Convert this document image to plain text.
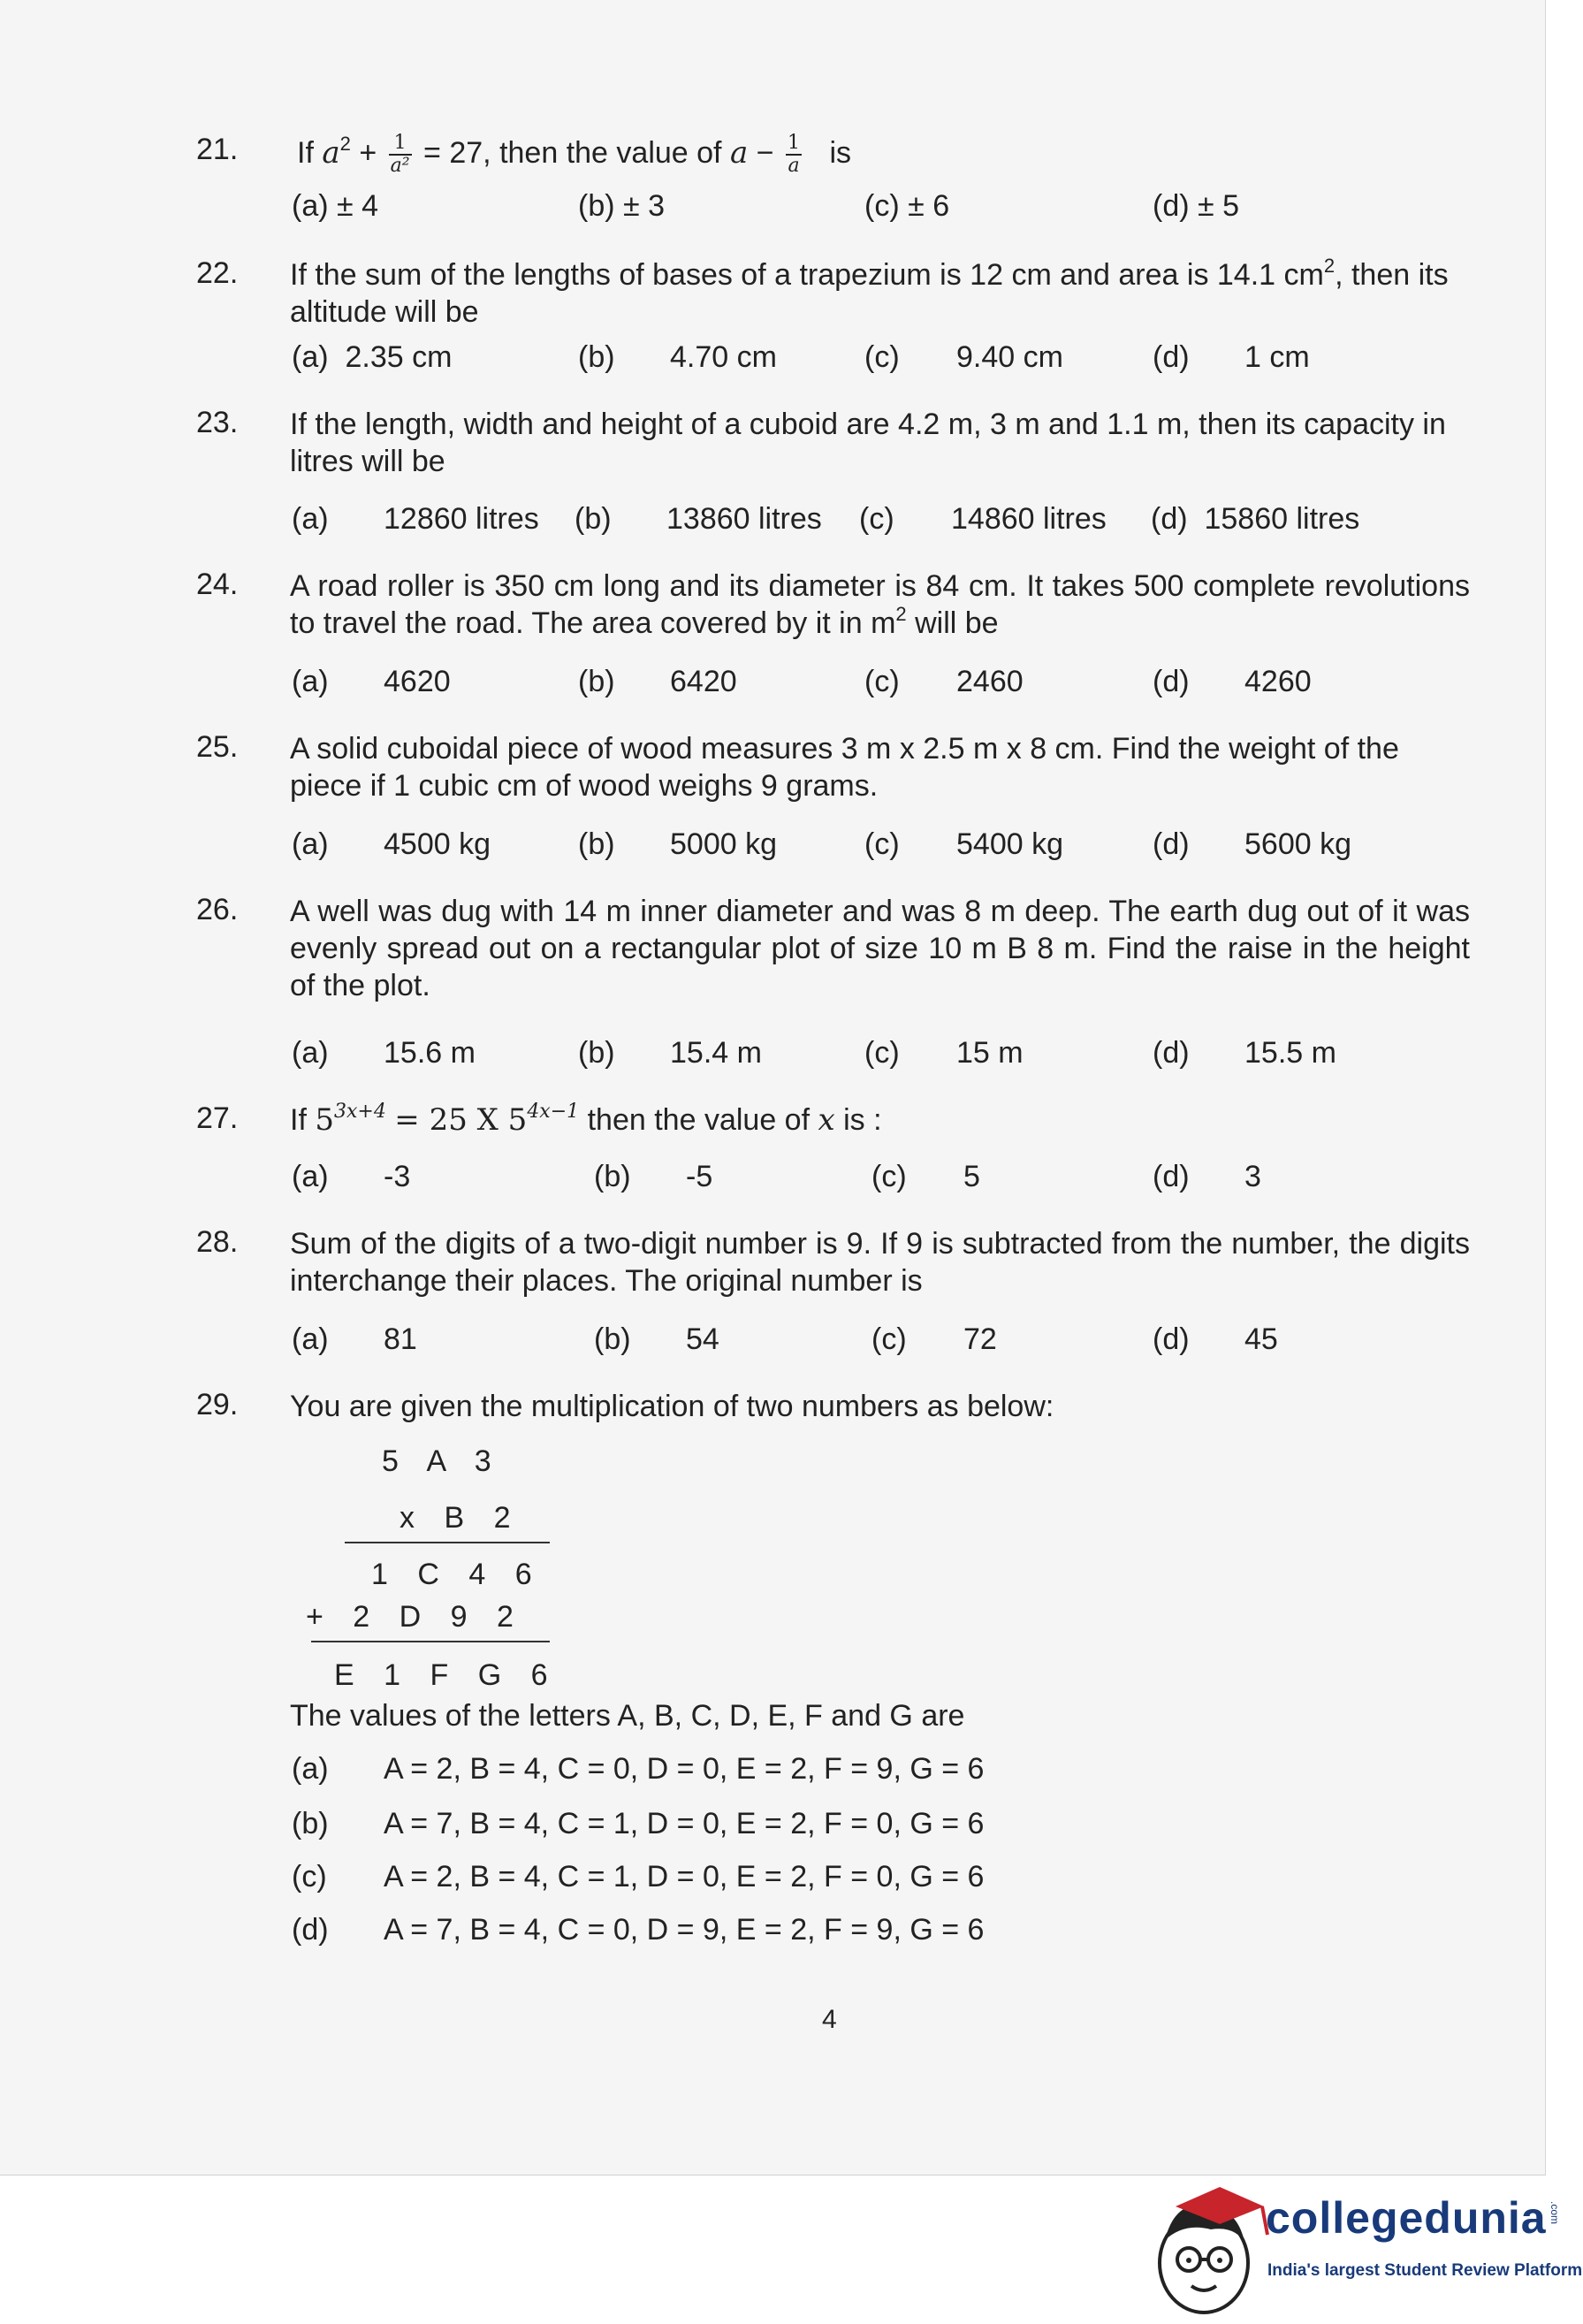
21. If $a^2 + \frac{1}{\text{a²}} = 27$, then the value of $a - \frac{1}{a}$ is
(a) ± 4	(b) ± 3	(c) ± 6	(d) ± 5
22. If the sum of the lengths of bases of a trapezium is 12 cm and area is 14.1 $cm^2$, then its altitude will be
(a) 2.35 cm	(b) 4.70 cm	(c) 9.40 cm	(d) 1 cm
23. If the length, width and height of a cuboid are 4.2 m, 3 m and 1.1 m, then its capacity in litres will be
(a) 12860 litres (b) 13860 litres (c) 14860 litres (d) 15860 litres
24. A road roller is 350 cm long and its diameter is 84 cm. It takes 500 complete revolutions to travel the road. The area covered by it in $m^2$ will be
(a) 4620	(b) 6420	(c) 2460	(d) 4260
25. A solid cuboidal piece of wood measures 3 m x 2.5 m x 8 cm. Find the weight of the piece if 1 cubic cm of wood weighs 9 grams.
(a) 4500 kg	(b) 5000 kg	(c) 5400 kg	(d) 5600 kg
26. A well was dug with 14 m inner diameter and was 8 m deep. The earth dug out of it was evenly spread out on a rectangular plot of size 10 m B 8 m. Find the raise in the height of the plot.
(a) 15.6 m	(b) 15.4 m	(c) 15 m	(d) 15.5 m
27. If $5^{3x+4} = 25$ X $5^{4x-1}$ then the value of x is :
(a) -3	(b) -5	(c) 5	(d) 3
28. Sum of the digits of a two-digit number is 9. If 9 is subtracted from the number, the digits interchange their places. The original number is
(a) 81	(b) 54	(c) 72	(d) 45
29. You are given the multiplication of two numbers as below:
5 A 3
x B 2
1 C 4 6
+ 2 D 9 2
E 1 F G 6
The values of the letters A, B, C, D, E, F and G are
(a) A = 2, B = 4, C = 0, D = 0, E = 2, F = 9, G = 6
(b) A = 7, B = 4, C = 1, D = 0, E = 2, F = 0, G = 6
(c) A = 2, B = 4, C = 1, D = 0, E = 2, F = 0, G = 6
(d) A = 7, B = 4, C = 0, D = 9, E = 2, F = 9, G = 6
4
collegedunia .com
India's largest Student Review Platform
